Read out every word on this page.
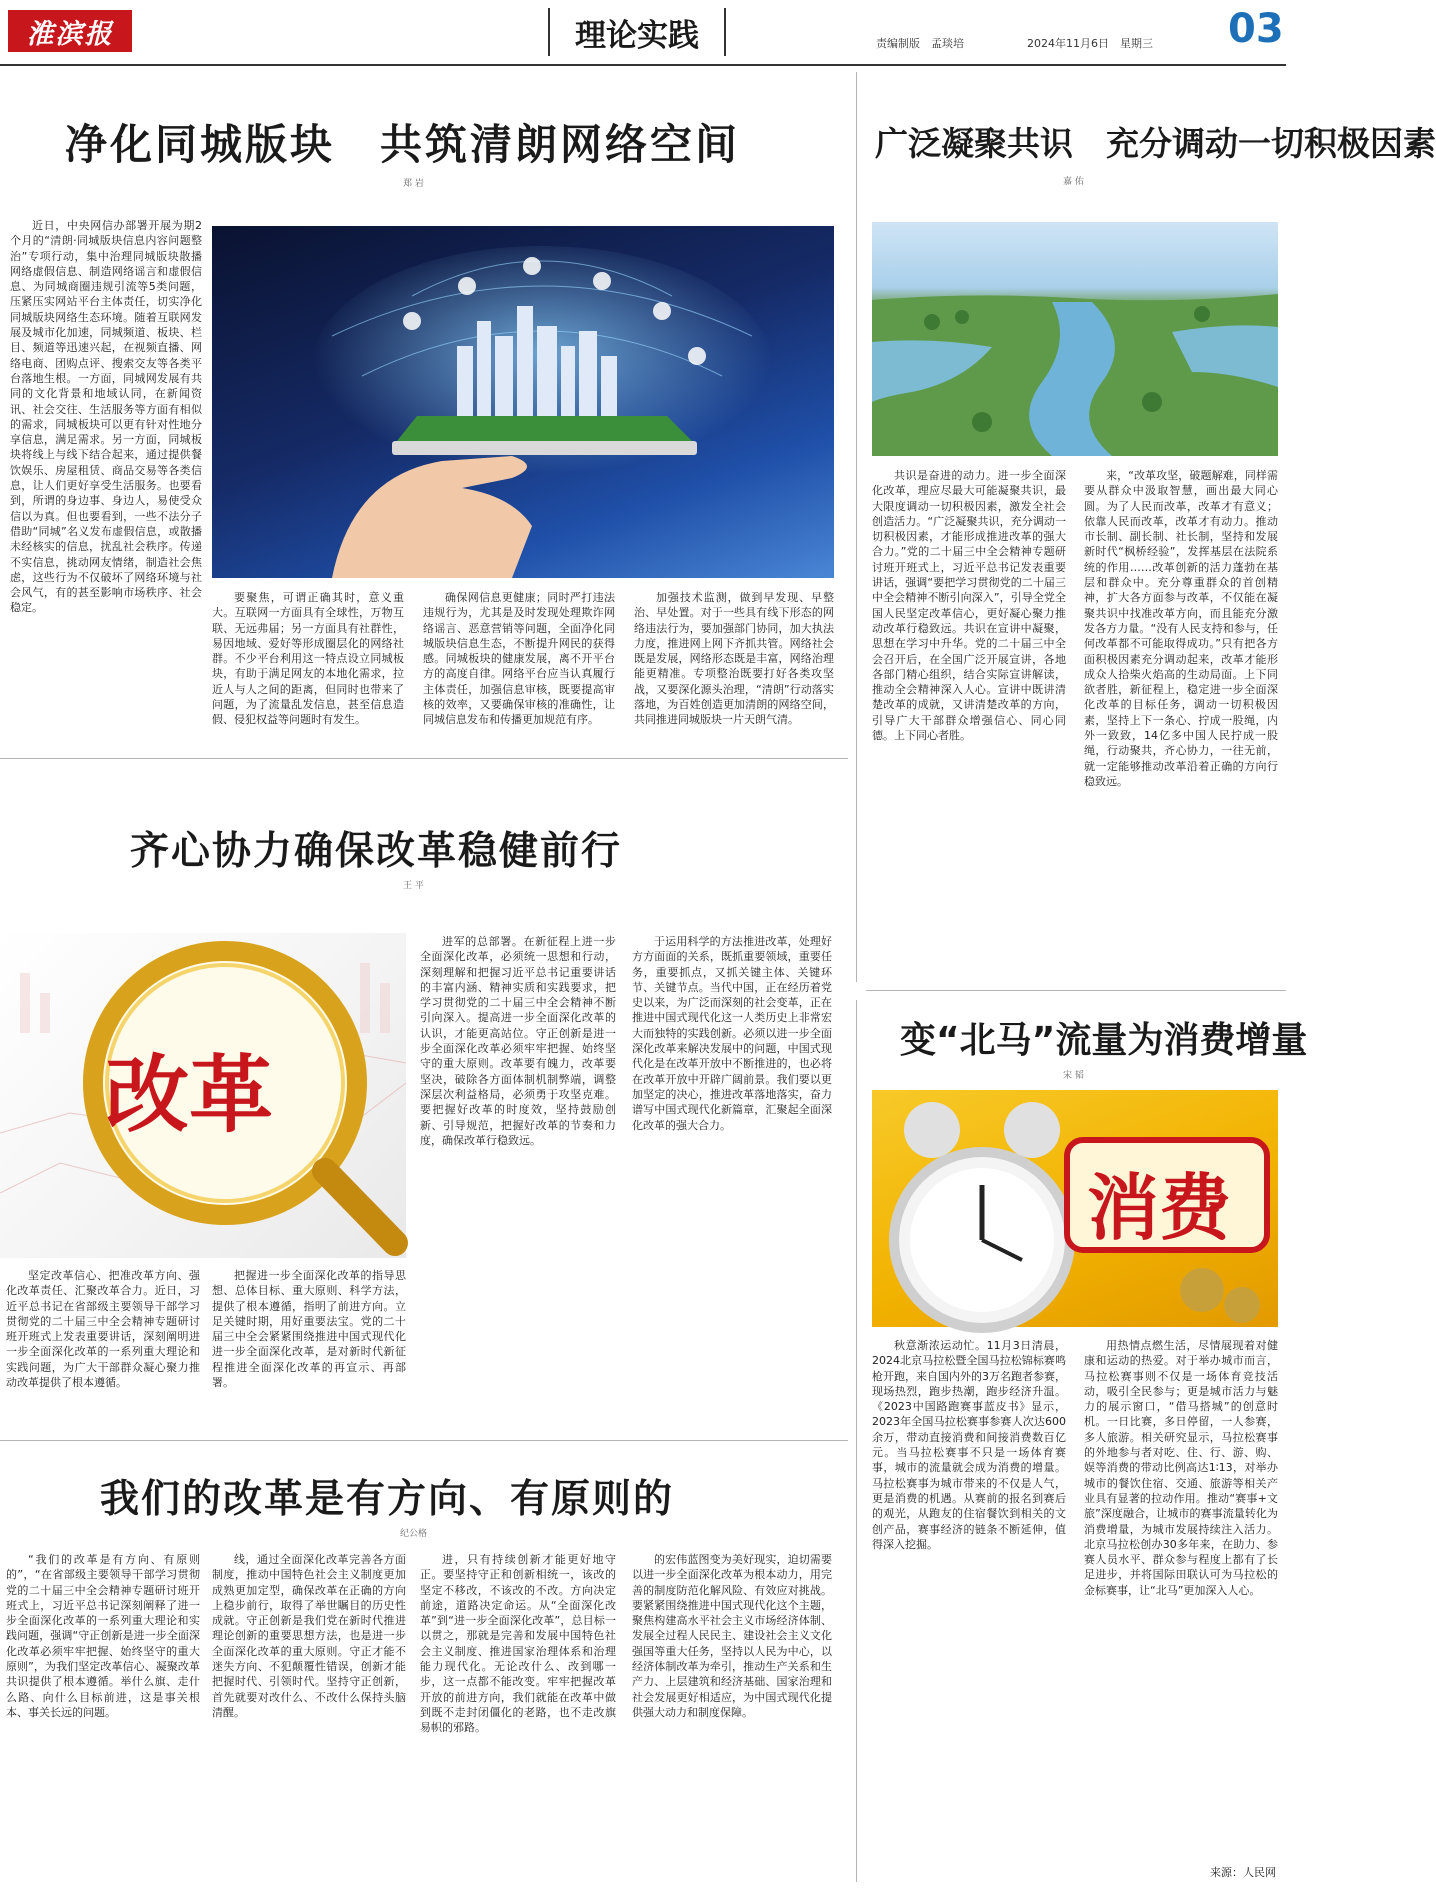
淮滨报	理论实践	责编制版　孟琰培	2024年11月6日　星期三 03
净化同城版块　共筑清朗网络空间
郑 岩

近日，中央网信办部署开展为期2个月的“清朗·同城版块信息内容问题整治”专项行动，集中治理同城版块散播网络虚假信息、制造网络谣言和虚假信息、为同城商圈违规引流等5类问题，压紧压实网站平台主体责任，切实净化同城版块网络生态环境。随着互联网发展及城市化加速，同城频道、板块、栏目、频道等迅速兴起，在视频直播、网络电商、团购点评、搜索交友等各类平台落地生根。一方面，同城网发展有共同的文化背景和地域认同，在新闻资讯、社会交往、生活服务等方面有相似的需求，同城板块可以更有针对性地分享信息，满足需求。另一方面，同城板块将线上与线下结合起来，通过提供餐饮娱乐、房屋租赁、商品交易等各类信息，让人们更好享受生活服务。也要看到，所谓的身边事、身边人，易使受众信以为真。但也要看到，一些不法分子借助“同城”名义发布虚假信息，或散播未经核实的信息，扰乱社会秩序。传递不实信息，挑动网友情绪，制造社会焦虑，这些行为不仅破坏了网络环境与社会风气，有的甚至影响市场秩序、社会稳定。

要聚焦，可谓正确其时，意义重大。互联网一方面具有全球性，万物互联、无远弗届；另一方面具有社群性，易因地域、爱好等形成圈层化的网络社群。不少平台利用这一特点设立同城板块，有助于满足网友的本地化需求，拉近人与人之间的距离，但同时也带来了问题，为了流量乱发信息，甚至信息造假、侵犯权益等问题时有发生。

确保网信息更健康；同时严打违法违规行为，尤其是及时发现处理欺诈网络谣言、恶意营销等问题，全面净化同城版块信息生态，不断提升网民的获得感。同城板块的健康发展，离不开平台方的高度自律。网络平台应当认真履行主体责任，加强信息审核，既要提高审核的效率，又要确保审核的准确性，让同城信息发布和传播更加规范有序。

加强技术监测，做到早发现、早整治、早处置。对于一些具有线下形态的网络违法行为，要加强部门协同，加大执法力度，推进网上网下齐抓共管。网络社会既是发展，网络形态既是丰富，网络治理能更精准。专项整治既要打好各类攻坚战，又要深化源头治理，“清朗”行动落实落地，为百姓创造更加清朗的网络空间，共同推进同城版块一片天朗气清。

广泛凝聚共识　充分调动一切积极因素
嘉 佑

共识是奋进的动力。进一步全面深化改革，理应尽最大可能凝聚共识，最大限度调动一切积极因素，激发全社会创造活力。“广泛凝聚共识，充分调动一切积极因素，才能形成推进改革的强大合力。”党的二十届三中全会精神专题研讨班开班式上，习近平总书记发表重要讲话，强调“要把学习贯彻党的二十届三中全会精神不断引向深入”，引导全党全国人民坚定改革信心，更好凝心聚力推动改革行稳致远。共识在宣讲中凝聚，思想在学习中升华。党的二十届三中全会召开后，在全国广泛开展宣讲，各地各部门精心组织，结合实际宣讲解读，推动全会精神深入人心。宣讲中既讲清楚改革的成就，又讲清楚改革的方向，引导广大干部群众增强信心、同心同德。上下同心者胜。

来，“改革攻坚，破题解难，同样需要从群众中汲取智慧，画出最大同心圆。为了人民而改革，改革才有意义；依靠人民而改革，改革才有动力。推动市长制、副长制、社长制，坚持和发展新时代“枫桥经验”，发挥基层在法院系统的作用……改革创新的活力蓬勃在基层和群众中。充分尊重群众的首创精神，扩大各方面参与改革，不仅能在凝聚共识中找准改革方向，而且能充分激发各方力量。“没有人民支持和参与，任何改革都不可能取得成功。”只有把各方面积极因素充分调动起来，改革才能形成众人拾柴火焰高的生动局面。上下同欲者胜，新征程上，稳定进一步全面深化改革的目标任务，调动一切积极因素，坚持上下一条心、拧成一股绳，内外一致致，14亿多中国人民拧成一股绳，行动聚共，齐心协力，一往无前，就一定能够推动改革沿着正确的方向行稳致远。

齐心协力确保改革稳健前行
王 平
改革

坚定改革信心、把准改革方向、强化改革责任、汇聚改革合力。近日，习近平总书记在省部级主要领导干部学习贯彻党的二十届三中全会精神专题研讨班开班式上发表重要讲话，深刻阐明进一步全面深化改革的一系列重大理论和实践问题，为广大干部群众凝心聚力推动改革提供了根本遵循。

把握进一步全面深化改革的指导思想、总体目标、重大原则、科学方法，提供了根本遵循，指明了前进方向。立足关键时期，用好重要法宝。党的二十届三中全会紧紧围绕推进中国式现代化进一步全面深化改革，是对新时代新征程推进全面深化改革的再宣示、再部署。

进军的总部署。在新征程上进一步全面深化改革，必须统一思想和行动，深刻理解和把握习近平总书记重要讲话的丰富内涵、精神实质和实践要求，把学习贯彻党的二十届三中全会精神不断引向深入。提高进一步全面深化改革的认识，才能更高站位。守正创新是进一步全面深化改革必须牢牢把握、始终坚守的重大原则。改革要有魄力，改革要坚决，破除各方面体制机制弊端，调整深层次利益格局，必须勇于攻坚克难。要把握好改革的时度效，坚持鼓励创新、引导规范，把握好改革的节奏和力度，确保改革行稳致远。

于运用科学的方法推进改革，处理好方方面面的关系，既抓重要领域，重要任务，重要抓点，又抓关键主体、关键环节、关键节点。当代中国，正在经历着党史以来，为广泛而深刻的社会变革，正在推进中国式现代化这一人类历史上非常宏大而独特的实践创新。必须以进一步全面深化改革来解决发展中的问题，中国式现代化是在改革开放中不断推进的，也必将在改革开放中开辟广阔前景。我们要以更加坚定的决心，推进改革落地落实，奋力谱写中国式现代化新篇章，汇聚起全面深化改革的强大合力。

变“北马”流量为消费增量
宋 韬
消费

秋意渐浓运动忙。11月3日清晨，2024北京马拉松暨全国马拉松锦标赛鸣枪开跑，来自国内外的3万名跑者参赛，现场热烈，跑步热潮，跑步经济升温。《2023中国路跑赛事蓝皮书》显示，2023年全国马拉松赛事参赛人次达600余万，带动直接消费和间接消费数百亿元。当马拉松赛事不只是一场体育赛事，城市的流量就会成为消费的增量。马拉松赛事为城市带来的不仅是人气，更是消费的机遇。从赛前的报名到赛后的观光，从跑友的住宿餐饮到相关的文创产品，赛事经济的链条不断延伸，值得深入挖掘。

用热情点燃生活，尽情展现着对健康和运动的热爱。对于举办城市而言，马拉松赛事则不仅是一场体育竞技活动，吸引全民参与；更是城市活力与魅力的展示窗口，“借马搭城”的创意时机。一日比赛，多日停留，一人参赛，多人旅游。相关研究显示，马拉松赛事的外地参与者对吃、住、行、游、购、娱等消费的带动比例高达1∶13，对举办城市的餐饮住宿、交通、旅游等相关产业具有显著的拉动作用。推动“赛事+文旅”深度融合，让城市的赛事流量转化为消费增量，为城市发展持续注入活力。北京马拉松创办30多年来，在助力、参赛人员水平、群众参与程度上都有了长足进步，并将国际田联认可为马拉松的金标赛事，让“北马”更加深入人心。

来源：人民网
我们的改革是有方向、有原则的
纪公格

“我们的改革是有方向、有原则的”，“在省部级主要领导干部学习贯彻党的二十届三中全会精神专题研讨班开班式上，习近平总书记深刻阐释了进一步全面深化改革的一系列重大理论和实践问题，强调“守正创新是进一步全面深化改革必须牢牢把握、始终坚守的重大原则”，为我们坚定改革信心、凝聚改革共识提供了根本遵循。举什么旗、走什么路、向什么目标前进，这是事关根本、事关长远的问题。

线，通过全面深化改革完善各方面制度，推动中国特色社会主义制度更加成熟更加定型，确保改革在正确的方向上稳步前行，取得了举世瞩目的历史性成就。守正创新是我们党在新时代推进理论创新的重要思想方法，也是进一步全面深化改革的重大原则。守正才能不迷失方向、不犯颠覆性错误，创新才能把握时代、引领时代。坚持守正创新，首先就要对改什么、不改什么保持头脑清醒。

进，只有持续创新才能更好地守正。要坚持守正和创新相统一，该改的坚定不移改，不该改的不改。方向决定前途，道路决定命运。从“全面深化改革”到“进一步全面深化改革”，总目标一以贯之，那就是完善和发展中国特色社会主义制度、推进国家治理体系和治理能力现代化。无论改什么、改到哪一步，这一点都不能改变。牢牢把握改革开放的前进方向，我们就能在改革中做到既不走封闭僵化的老路，也不走改旗易帜的邪路。

的宏伟蓝图变为美好现实，迫切需要以进一步全面深化改革为根本动力，用完善的制度防范化解风险、有效应对挑战。要紧紧围绕推进中国式现代化这个主题，聚焦构建高水平社会主义市场经济体制、发展全过程人民民主、建设社会主义文化强国等重大任务，坚持以人民为中心，以经济体制改革为牵引，推动生产关系和生产力、上层建筑和经济基础、国家治理和社会发展更好相适应，为中国式现代化提供强大动力和制度保障。
